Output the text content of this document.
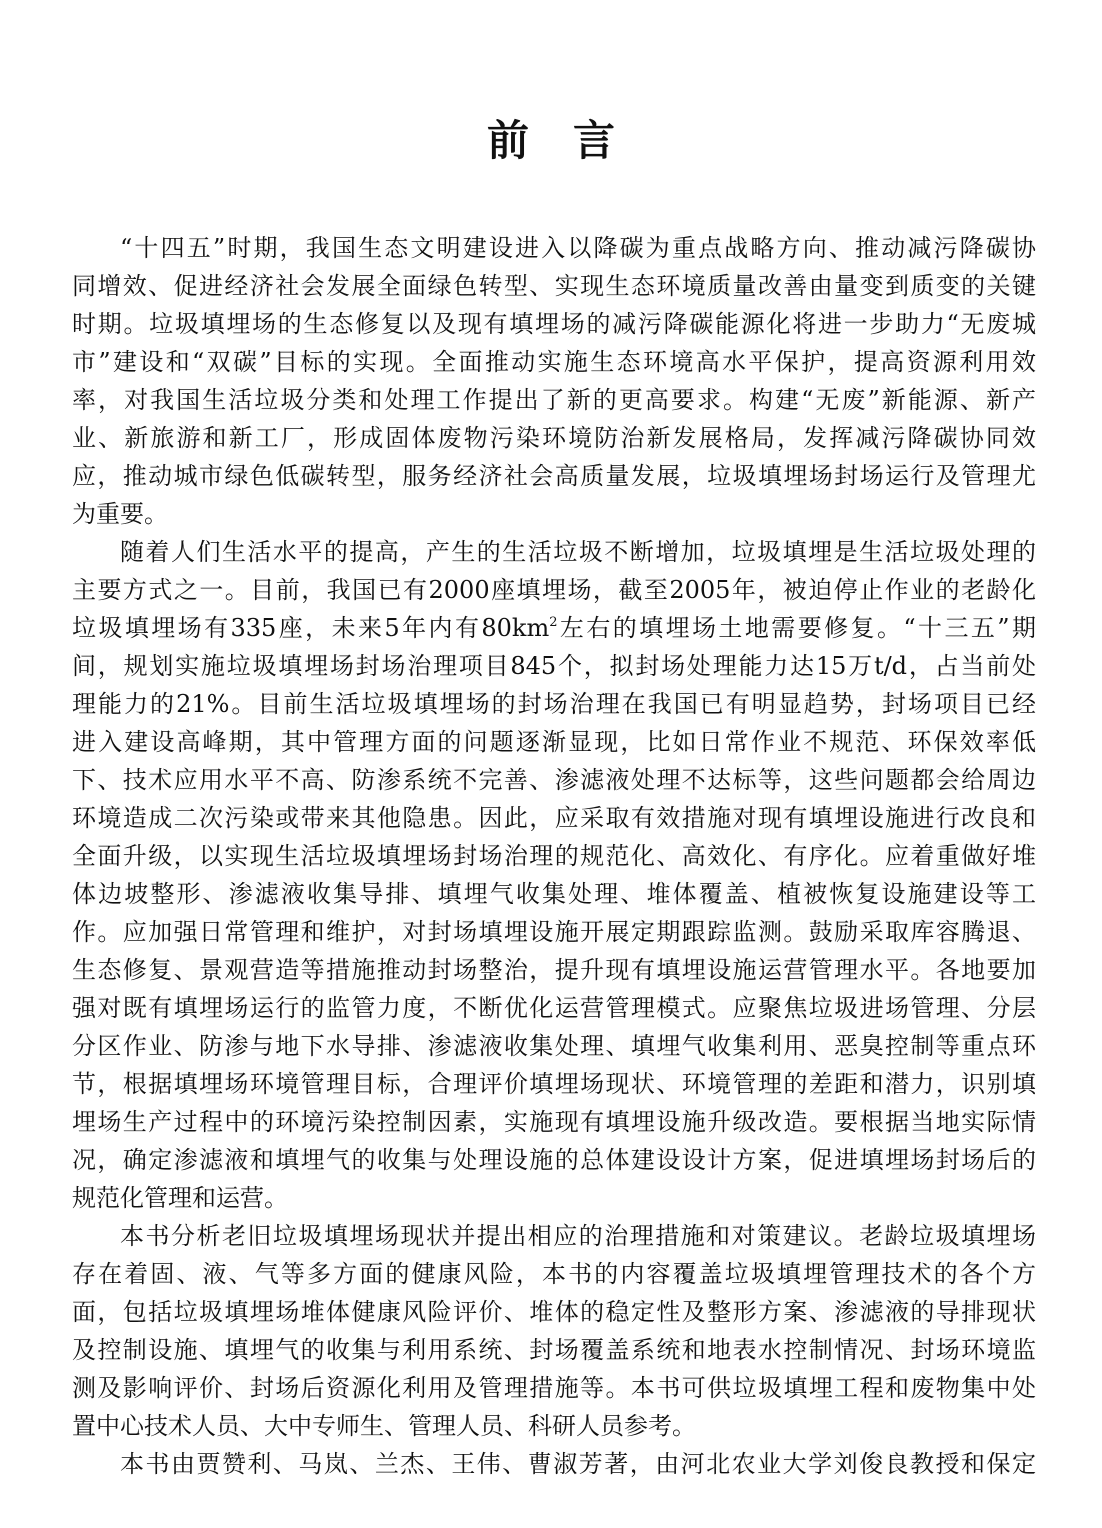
前 言
“十四五”时期，我国生态文明建设进入以降碳为重点战略方向、推动减污降碳协
同增效、促进经济社会发展全面绿色转型、实现生态环境质量改善由量变到质变的关键
时期。垃圾填埋场的生态修复以及现有填埋场的减污降碳能源化将进一步助力“无废城
市”建设和“双碳”目标的实现。全面推动实施生态环境高水平保护，提高资源利用效
率，对我国生活垃圾分类和处理工作提出了新的更高要求。构建“无废”新能源、新产
业、新旅游和新工厂，形成固体废物污染环境防治新发展格局，发挥减污降碳协同效
应，推动城市绿色低碳转型，服务经济社会高质量发展，垃圾填埋场封场运行及管理尤
为重要。
随着人们生活水平的提高，产生的生活垃圾不断增加，垃圾填埋是生活垃圾处理的
主要方式之一。目前，我国已有2000座填埋场，截至2005年，被迫停止作业的老龄化
垃圾填埋场有335座，未来5年内有$80km^2$左右的填埋场土地需要修复。“十三五”期
间，规划实施垃圾填埋场封场治理项目845个，拟封场处理能力达15万t/d，占当前处
理能力的21%。目前生活垃圾填埋场的封场治理在我国已有明显趋势，封场项目已经
进入建设高峰期，其中管理方面的问题逐渐显现，比如日常作业不规范、环保效率低
下、技术应用水平不高、防渗系统不完善、渗滤液处理不达标等，这些问题都会给周边
环境造成二次污染或带来其他隐患。因此，应采取有效措施对现有填埋设施进行改良和
全面升级，以实现生活垃圾填埋场封场治理的规范化、高效化、有序化。应着重做好堆
体边坡整形、渗滤液收集导排、填埋气收集处理、堆体覆盖、植被恢复设施建设等工
作。应加强日常管理和维护，对封场填埋设施开展定期跟踪监测。鼓励采取库容腾退、
生态修复、景观营造等措施推动封场整治，提升现有填埋设施运营管理水平。各地要加
强对既有填埋场运行的监管力度，不断优化运营管理模式。应聚焦垃圾进场管理、分层
分区作业、防渗与地下水导排、渗滤液收集处理、填埋气收集利用、恶臭控制等重点环
节，根据填埋场环境管理目标，合理评价填埋场现状、环境管理的差距和潜力，识别填
埋场生产过程中的环境污染控制因素，实施现有填埋设施升级改造。要根据当地实际情
况，确定渗滤液和填埋气的收集与处理设施的总体建设设计方案，促进填埋场封场后的
规范化管理和运营。
本书分析老旧垃圾填埋场现状并提出相应的治理措施和对策建议。老龄垃圾填埋场
存在着固、液、气等多方面的健康风险，本书的内容覆盖垃圾填埋管理技术的各个方
面，包括垃圾填埋场堆体健康风险评价、堆体的稳定性及整形方案、渗滤液的导排现状
及控制设施、填埋气的收集与利用系统、封场覆盖系统和地表水控制情况、封场环境监
测及影响评价、封场后资源化利用及管理措施等。本书可供垃圾填埋工程和废物集中处
置中心技术人员、大中专师生、管理人员、科研人员参考。
本书由贾赞利、马岚、兰杰、王伟、曹淑芳著，由河北农业大学刘俊良教授和保定
